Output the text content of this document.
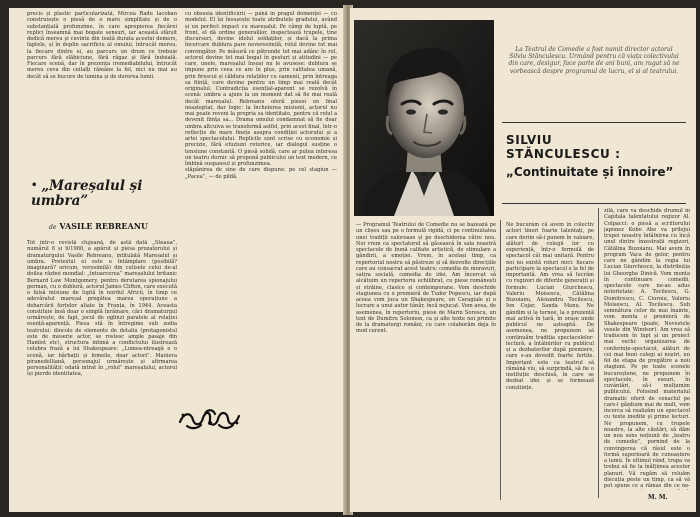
precis și plastic particularizată, Mircea Radu Iacoban construiește o piesă de o mare simplitate și de o substanțială profunzime, în care apropierea fiecărei replici înseamnă mai bogate sensuri, iar această sfârșit dedică mereu și cuvinte din toată durata acestui demers, faptele, și în deplin sacrificiu al omului, întrucât mereu, la fiecare dintre ei, au parcurs un drum ce trebuie parcurs fără slăbiciune, fără răgaz și fără îndoială. Fiecare scenă, dar în prezența iremediabilului, întrucât mereu ceva din ceilalți rămâne la fel, nici nu mai au decât să se bucure de lumina și de durerea lumii.

• „Mareșalul și umbra”
de VASILE REBREANU

Tot într-o revistă clujeană, de astă dată „Steaua”, numărul 8 și 9/1980, a apărut și piesa prozatorului și dramaturgului Vasile Rebreanu, intitulată Mareșalul și umbra. Pretextul ei este o întâmplare (posibilă? imaginară? oricum, verosimilă) din culisele celui de-al doilea război mondial: „întoarcerea” mareșalului britanic Bernard Law Montgomery, pentru derutarea spionajului german, cu o dublură, actorul James Clifton, care execută o falsă misiune de luptă în nordul Africii, în timp ce adevăratul mareșal pregătea marea operațiune a debarcării forțelor aliate în Franța, în 1944. Aceasta constituie însă doar o simplă înrămare, căci dramaturgul urmărește, de fapt, jocul de oglinzi paralele al relației esență-aparență. Piesa stă în întregime sub zodia teatrului: dincolo de elemente de detaliu (protagonistul este de meserie actor, se rostesc ample pasaje din Hamlet etc), structura intimă a conflictului ilustrează celebra frază a lui Shakespeare: „Lumea-ntreagă e o scenă, iar bărbații și femeile, doar actori”. Maniera piranedelliană, personajul urmărește și afirmarea personalității: odată intrat în „rolul” mareșalului, actorul își pierde identitatea,

cu obsesia identificării — până în pragul demenței — cu modelul. El își însușește toate atributele gradului, având și un perfect impact cu mareșalul. Pe câmp de luptă, pe front, el dă ordine generalilor, inspectează trupele, ține discursuri, devine idolul soldaților, și dacă la prima încercare dublura pare neverosimilă, rolul devine tot mai convingător. Pe măsură ce pătrunde tot mai adânc în rol, actorul devine tot mai bogat în gesturi și atitudini — pe care, unele, mareșalul însuși nu le avusese: dublura se impune prin ceea ce are în plus, prin calitatea umană, prin firescul și căldura relațiilor cu oamenii, prin întreaga sa ființă, care devine pentru un timp mai reală decât originalul. Contradicția esențial-aparent se rezolvă în scenă: umbra a ajuns la un moment dat să fie mai reală decât mareșalul. Rebreanu oferă piesei un final neașteptat, dar logic: la încheierea misiunii, actorul nu mai poate reveni la propria sa identitate, pentru că rolul a devenit ființa sa... Drama omului condamnat să fie doar umbra altcuiva se transformă astfel, prin acest final, într-o reflecție de mare finețe asupra condiției actorului și a artei spectacolului. Replicile sunt scrise cu economie și precizie, fără efuziuni retorice, iar dialogul susține o tensiune constantă. O piesă solidă, care ar putea interesa un teatru dornic să propună publicului un text modern, ce îmbină suspansul și profunzimea.

stăpânirea de sine de care dispune: pe cel stagiun — „Pacea”, — de pildă.

La Teatrul de Comedie a fost numit director actorul Silviu Stănculescu. Urmând pentru că viața colectivului din care, desigur, face parte de ani buni, am rugat să ne vorbească despre programul de lucru, el și al teatrului.
SILVIU
STĂNCULESCU :
„Continuitate și înnoire”

— Programul Teatrului de Comedie nu se bazează pe un clișeu sau pe o formulă rigidă, ci pe continuitatea unei tradiții valoroase și pe deschiderea către nou. Noi vrem ca spectatorul să găsească în sala noastră spectacole de bună calitate artistică, de stimulare a gândirii, a emoției. Vrem, în același timp, ca repertoriul nostru să păstreze și să dezvolte direcțiile care au consacrat acest teatru: comedia de moravuri, satira socială, comedia de idei. Am încercat să alcătuim un repertoriu echilibrat, cu piese românești și străine, clasice și contemporane. Vom deschide stagiunea cu o premieră de Tudor Popescu, iar după aceea vom juca un Shakespeare, un Caragiale și o lucrare a unui autor tânăr, încă nejucat. Vom avea, de asemenea, în repertoriu, piese de Marin Sorescu, un text de Dumitru Solomon, ca și alte texte noi primite de la dramaturgi români, cu care colaborăm deja în mod curent.

Ne bucurăm că avem în colectiv actori tineri foarte talentați, pe care dorim să-i punem în valoare, alături de colegii lor cu experiență, într-o formulă de spectacol cât mai unitară. Pentru noi nu există roluri mici: fiecare participare la spectacol e la fel de importantă. Am vrea să lucrăm cu regizori de diferite generații și formule: Lucian Giurchescu, Valeriu Moisescu, Cătălina Buzoianu, Alexandru Tocilescu, Ion Cojar, Sanda Manu. Ne gândim și la turnee, la o prezență mai activă în țară, în orașe unde publicul ne așteaptă. De asemenea, ne propunem să continuăm tradiția spectacolelor-lectură, a întâlnirilor cu publicul și a dezbaterilor după premiere, care s-au dovedit foarte fertile. Important este ca teatrul să rămână viu, să surprindă, să fie o instituție deschisă, în care se dezbat idei și se formează conștiințe.

zilă, care va deschide drumul în Capitala talentatului regizor Al. Colpacci: o piesă a scriitorului japonez Kobo Abe va prilejui trupei noastre întâlnirea cu încă unul dintre înzestrații regizori, Cătălina Buzoianu. Mai avem în program Vaca de gelor, pentru care ne gândim la regia lui Lucian Giurchescu, la distribuția lui Gheorghe Dinică. Vom monta în continuare comedii, spectacole care ne-au adus notorietate: A. Tocilescu, G. Dumitrescu, C. Cioroiu, Valeriu Moisescu, Al. Tocilescu. Sub semnătura celor de mai înainte, vom monta o premieră de Shakespeare (poate, Nevestele vesele din Windsor). Am vrea să traducem în fapt și un proiect mai vechi: organizarea de conferințe-spectacol, alături de cei mai buni colegi ai noștri, un fel de etapa de pregătire a noii stagiuni. Pe pe toate scenele bucureștene, ne propunem în spectacole, în eseuri, în cuvântări, să-i mulțumim publicului. Folosind materialul dramatic oferit de cenaclul pe care-l găzduim mai de mult, vom încerca să realizăm un spectacol cu texte inedite și prime lecturi. Ne propunem, cu trupele noastre, la alte căutări, să dăm un nou sens noțiunii de „teatru de comedie”, pornind de la convingerea că râsul este o formă superioară de cunoaștere a lumii. În ultimul rând, trupa va trebui să fie la înălțimea acestor planuri. Vă rugăm să reluăm discuția peste un timp, ca să vă pot spune ce a rămas din ce ne-

M. M.
